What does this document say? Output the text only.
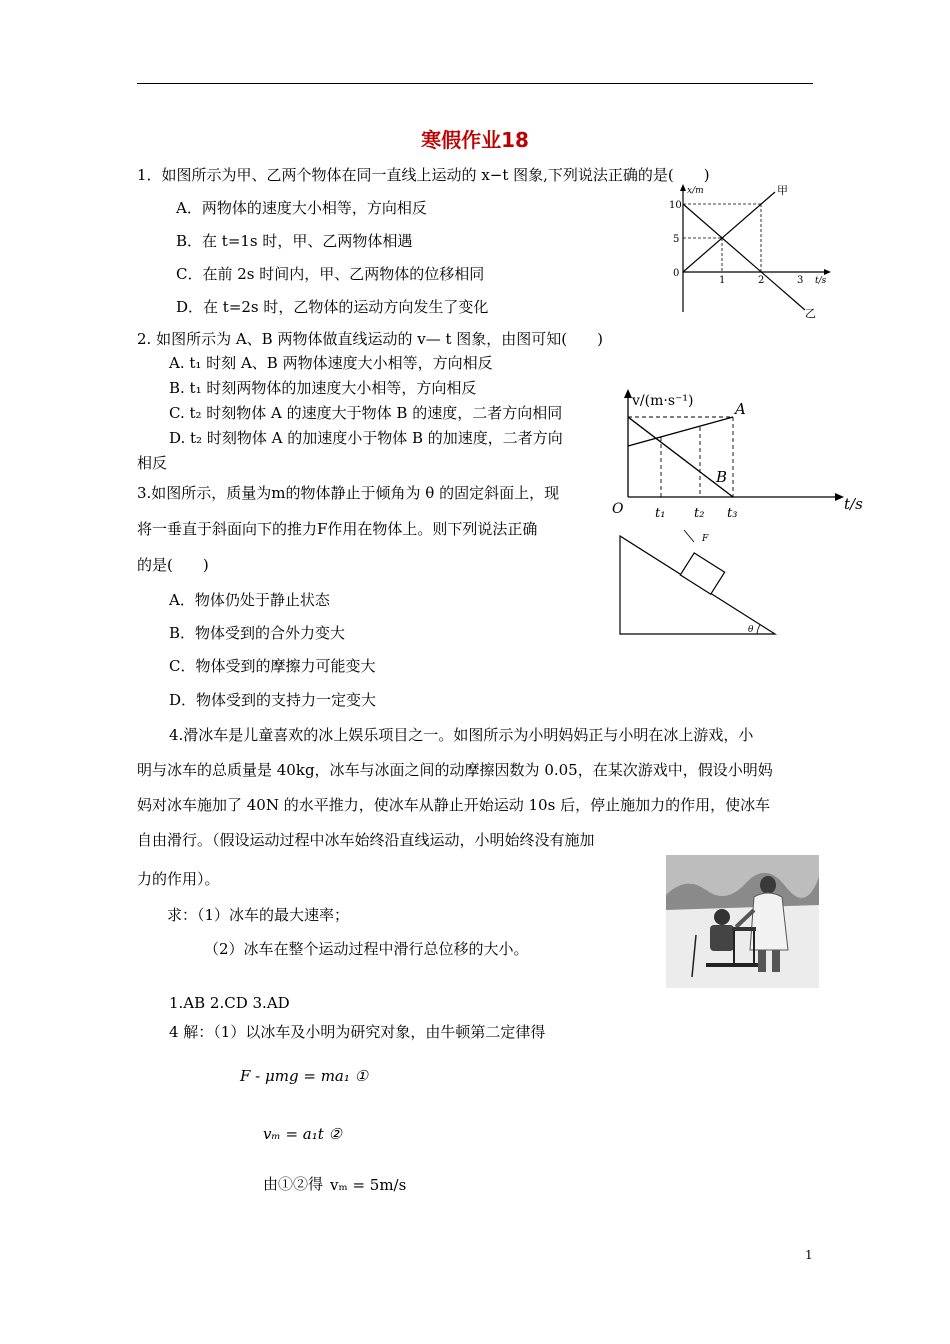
寒假作业18
1．如图所示为甲、乙两个物体在同一直线上运动的 x−t 图象,下列说法正确的是(　　)
A．两物体的速度大小相等，方向相反
B．在 t=1s 时，甲、乙两物体相遇
C．在前 2s 时间内，甲、乙两物体的位移相同
D．在 t=2s 时，乙物体的运动方向发生了变化
x/m
t/s
10
5
0
1	2	3
甲
乙
2. 如图所示为 A、B 两物体做直线运动的 v— t 图象，由图可知(　　)
A. t₁ 时刻 A、B 两物体速度大小相等，方向相反
B. t₁ 时刻两物体的加速度大小相等，方向相反
C. t₂ 时刻物体 A 的速度大于物体 B 的速度，二者方向相同
D. t₂ 时刻物体 A 的加速度小于物体 B 的加速度，二者方向
相反
v/(m·s⁻¹)
t/s
O
A
B
t₁ t₂ t₃
3.如图所示，质量为m的物体静止于倾角为 θ 的固定斜面上，现
将一垂直于斜面向下的推力F作用在物体上。则下列说法正确
的是(　　)
A．物体仍处于静止状态
B．物体受到的合外力变大
C．物体受到的摩擦力可能变大
D．物体受到的支持力一定变大
F
θ
4.滑冰车是儿童喜欢的冰上娱乐项目之一。如图所示为小明妈妈正与小明在冰上游戏，小
明与冰车的总质量是 40kg，冰车与冰面之间的动摩擦因数为 0.05，在某次游戏中，假设小明妈
妈对冰车施加了 40N 的水平推力，使冰车从静止开始运动 10s 后，停止施加力的作用，使冰车
自由滑行。（假设运动过程中冰车始终沿直线运动，小明始终没有施加
力的作用）。
求：（1）冰车的最大速率；
（2）冰车在整个运动过程中滑行总位移的大小。
1.AB 2.CD 3.AD
4 解：（1）以冰车及小明为研究对象，由牛顿第二定律得
F - μmg = ma₁ ①
vₘ = a₁t ②
由①②得 vₘ = 5m/s
1
